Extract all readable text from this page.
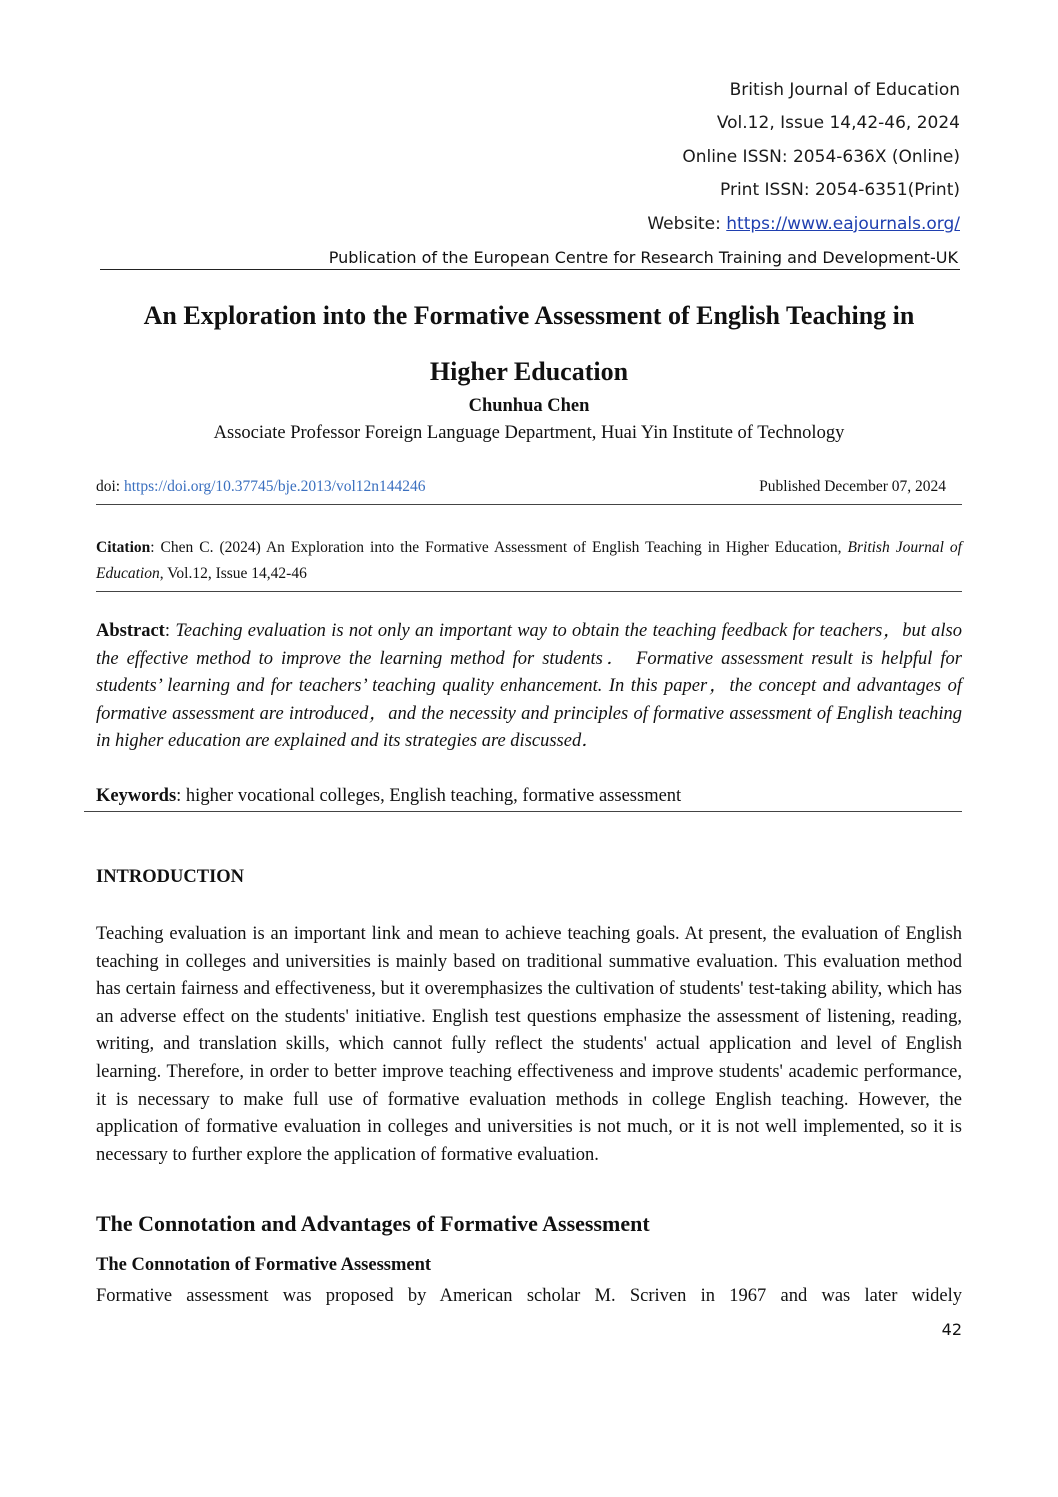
British Journal of Education
Vol.12, Issue 14,42-46, 2024
Online ISSN: 2054-636X (Online)
Print ISSN: 2054-6351(Print)
Website: https://www.eajournals.org/
Publication of the European Centre for Research Training and Development-UK
An Exploration into the Formative Assessment of English Teaching in
Higher Education
Chunhua Chen
Associate Professor Foreign Language Department, Huai Yin Institute of Technology
doi: https://doi.org/10.37745/bje.2013/vol12n144246	Published December 07, 2024
Citation: Chen C. (2024) An Exploration into the Formative Assessment of English Teaching in Higher Education, British Journal of Education, Vol.12, Issue 14,42-46
Abstract: Teaching evaluation is not only an important way to obtain the teaching feedback for teachers，but also the effective method to improve the learning method for students． Formative assessment result is helpful for students’ learning and for teachers’ teaching quality enhancement. In this paper，the concept and advantages of formative assessment are introduced，and the necessity and principles of formative assessment of English teaching in higher education are explained and its strategies are discussed．
Keywords: higher vocational colleges, English teaching, formative assessment
INTRODUCTION
Teaching evaluation is an important link and mean to achieve teaching goals. At present, the evaluation of English teaching in colleges and universities is mainly based on traditional summative evaluation. This evaluation method has certain fairness and effectiveness, but it overemphasizes the cultivation of students' test-taking ability, which has an adverse effect on the students' initiative. English test questions emphasize the assessment of listening, reading, writing, and translation skills, which cannot fully reflect the students' actual application and level of English learning. Therefore, in order to better improve teaching effectiveness and improve students' academic performance, it is necessary to make full use of formative evaluation methods in college English teaching. However, the application of formative evaluation in colleges and universities is not much, or it is not well implemented, so it is necessary to further explore the application of formative evaluation.
The Connotation and Advantages of Formative Assessment
The Connotation of Formative Assessment
Formative assessment was proposed by American scholar M. Scriven in 1967 and was later widely
42
